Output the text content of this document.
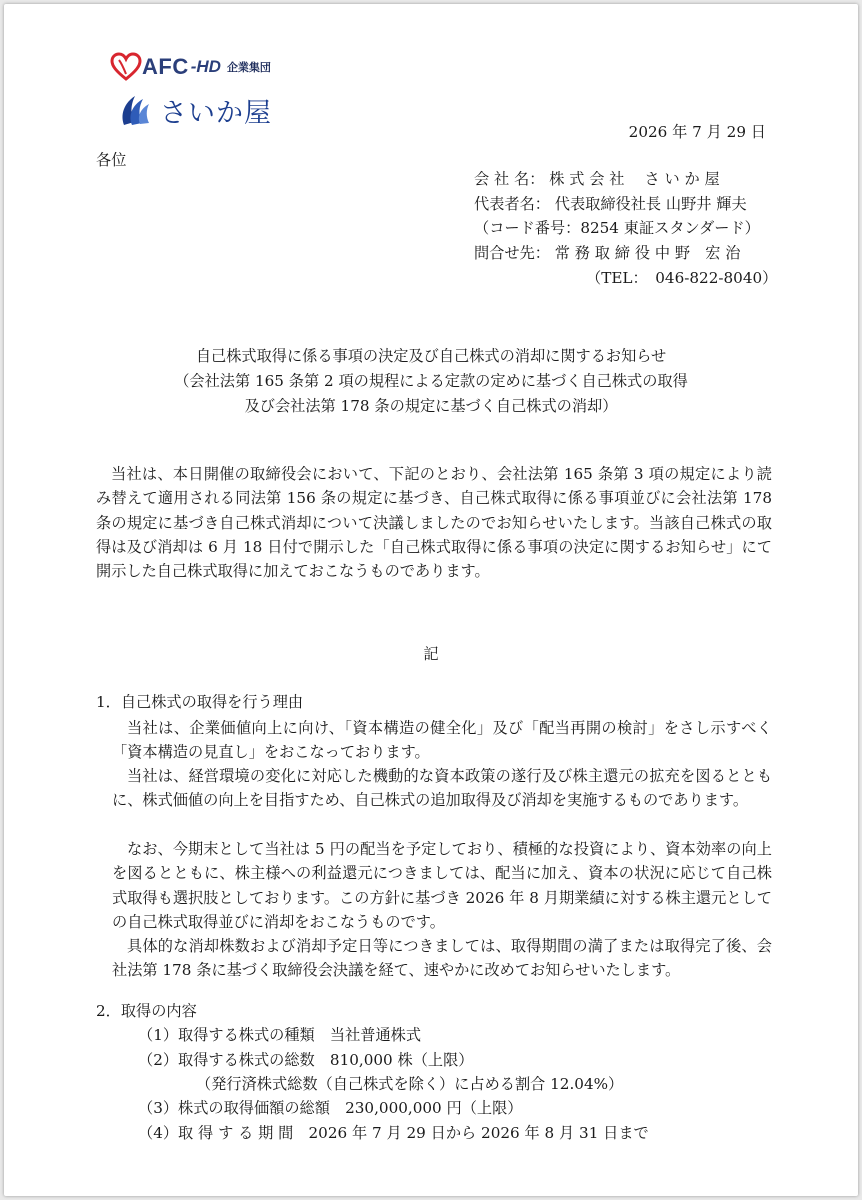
AFC -HD 企業集団
さいか屋
2026 年 7 月 29 日
各位
会 社 名： 株 式 会 社　 さ い か 屋
代表者名： 代表取締役社長 山野井 輝夫
（コード番号：8254 東証スタンダード）
問合せ先： 常 務 取 締 役 中 野　宏 治
（TEL：　046-822-8040）
自己株式取得に係る事項の決定及び自己株式の消却に関するお知らせ
（会社法第 165 条第 2 項の規程による定款の定めに基づく自己株式の取得
及び会社法第 178 条の規定に基づく自己株式の消却）
当社は、本日開催の取締役会において、下記のとおり、会社法第 165 条第 3 項の規定により読み替えて適用される同法第 156 条の規定に基づき、自己株式取得に係る事項並びに会社法第 178 条の規定に基づき自己株式消却について決議しましたのでお知らせいたします。当該自己株式の取得は及び消却は 6 月 18 日付で開示した「自己株式取得に係る事項の決定に関するお知らせ」にて開示した自己株式取得に加えておこなうものであります。
記
1．自己株式の取得を行う理由
当社は、企業価値向上に向け、「資本構造の健全化」及び「配当再開の検討」をさし示すべく「資本構造の見直し」をおこなっております。
当社は、経営環境の変化に対応した機動的な資本政策の遂行及び株主還元の拡充を図るとともに、株式価値の向上を目指すため、自己株式の追加取得及び消却を実施するものであります。
なお、今期末として当社は 5 円の配当を予定しており、積極的な投資により、資本効率の向上を図るとともに、株主様への利益還元につきましては、配当に加え、資本の状況に応じて自己株式取得も選択肢としております。この方針に基づき 2026 年 8 月期業績に対する株主還元としての自己株式取得並びに消却をおこなうものです。
具体的な消却株数および消却予定日等につきましては、取得期間の満了または取得完了後、会社法第 178 条に基づく取締役会決議を経て、速やかに改めてお知らせいたします。
2．取得の内容
（1）取得する株式の種類　当社普通株式
（2）取得する株式の総数　810,000 株（上限）
（発行済株式総数（自己株式を除く）に占める割合 12.04%）
（3）株式の取得価額の総額　230,000,000 円（上限）
（4）取 得 す る 期 間　2026 年 7 月 29 日から 2026 年 8 月 31 日まで
